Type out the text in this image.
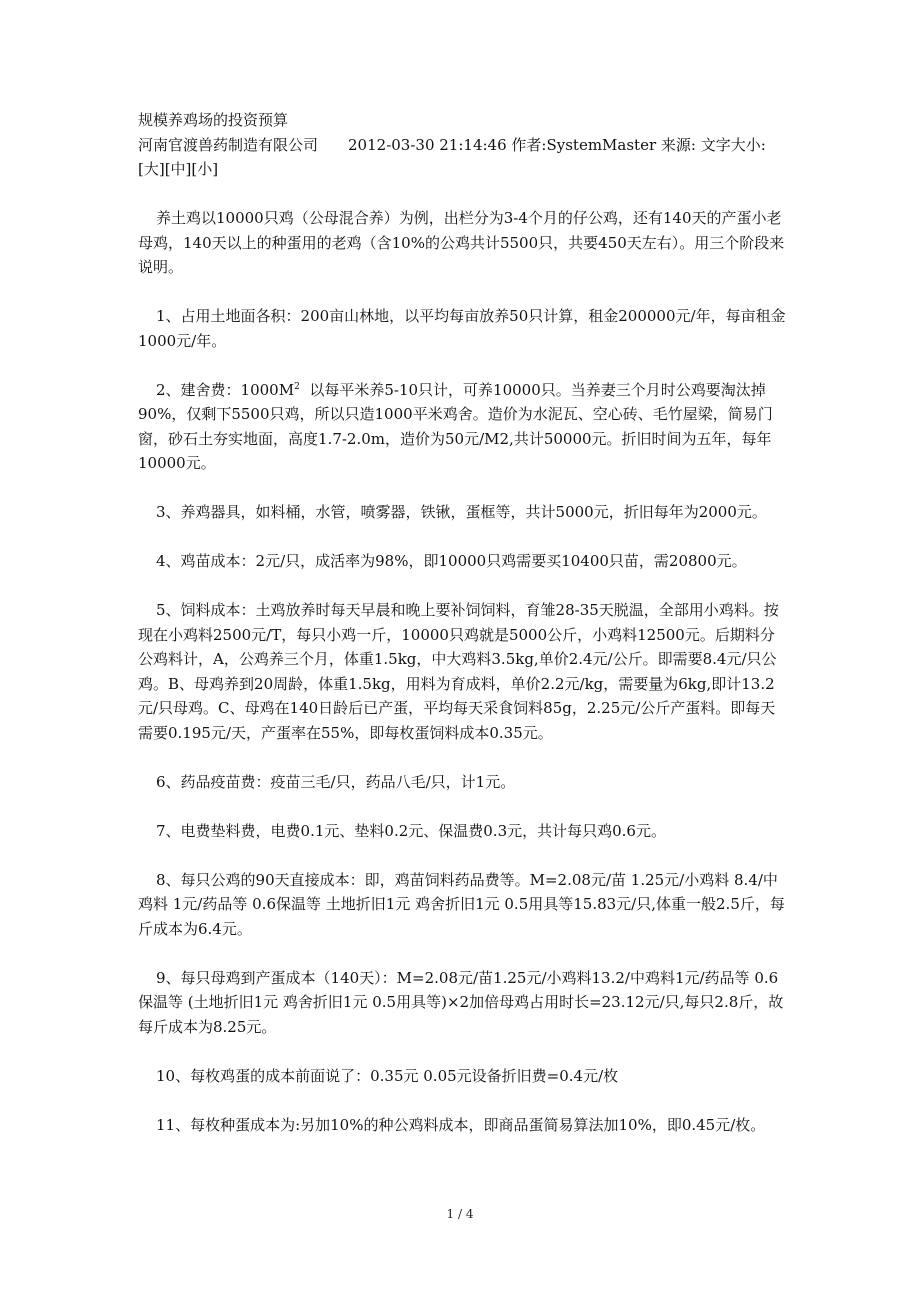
规模养鸡场的投资预算

河南官渡兽药制造有限公司 2012-03-30 21:14:46 作者:SystemMaster 来源: 文字大小:[大][中][小]

养土鸡以10000只鸡（公母混合养）为例，出栏分为3-4个月的仔公鸡，还有140天的产蛋小老母鸡，140天以上的种蛋用的老鸡（含10%的公鸡共计5500只，共要450天左右）。用三个阶段来说明。

1、占用土地面各积：200亩山林地，以平均每亩放养50只计算，租金200000元/年，每亩租金1000元/年。

2、建舍费：$1000M^2$  以每平米养5-10只计，可养10000只。当养妻三个月时公鸡要淘汰掉90%，仅剩下5500只鸡，所以只造1000平米鸡舍。造价为水泥瓦、空心砖、毛竹屋梁，简易门窗，砂石土夯实地面，高度1.7-2.0m，造价为50元/M2,共计50000元。折旧时间为五年，每年10000元。

3、养鸡器具，如料桶，水管，喷雾器，铁锹，蛋框等，共计5000元，折旧每年为2000元。

4、鸡苗成本：2元/只，成活率为98%，即10000只鸡需要买10400只苗，需20800元。

5、饲料成本：土鸡放养时每天早晨和晚上要补饲饲料，育雏28-35天脱温，全部用小鸡料。按现在小鸡料2500元/T，每只小鸡一斤，10000只鸡就是5000公斤，小鸡料12500元。后期料分公鸡料计，A，公鸡养三个月，体重1.5kg，中大鸡料3.5kg,单价2.4元/公斤。即需要8.4元/只公鸡。B、母鸡养到20周龄，体重1.5kg，用料为育成料，单价2.2元/kg，需要量为6kg,即计13.2元/只母鸡。C、母鸡在140日龄后已产蛋，平均每天采食饲料85g，2.25元/公斤产蛋料。即每天需要0.195元/天，产蛋率在55%，即每枚蛋饲料成本0.35元。

6、药品疫苗费：疫苗三毛/只，药品八毛/只，计1元。

7、电费垫料费，电费0.1元、垫料0.2元、保温费0.3元，共计每只鸡0.6元。

8、每只公鸡的90天直接成本：即，鸡苗饲料药品费等。M=2.08元/苗 1.25元/小鸡料 8.4/中鸡料 1元/药品等 0.6保温等 土地折旧1元 鸡舍折旧1元 0.5用具等15.83元/只,体重一般2.5斤，每斤成本为6.4元。

9、每只母鸡到产蛋成本（140天）：M=2.08元/苗1.25元/小鸡料13.2/中鸡料1元/药品等 0.6保温等 (土地折旧1元 鸡舍折旧1元 0.5用具等)×2加倍母鸡占用时长=23.12元/只,每只2.8斤，故每斤成本为8.25元。

10、每枚鸡蛋的成本前面说了：0.35元 0.05元设备折旧费=0.4元/枚

11、每枚种蛋成本为:另加10%的种公鸡料成本，即商品蛋简易算法加10%，即0.45元/枚。

1 / 4
